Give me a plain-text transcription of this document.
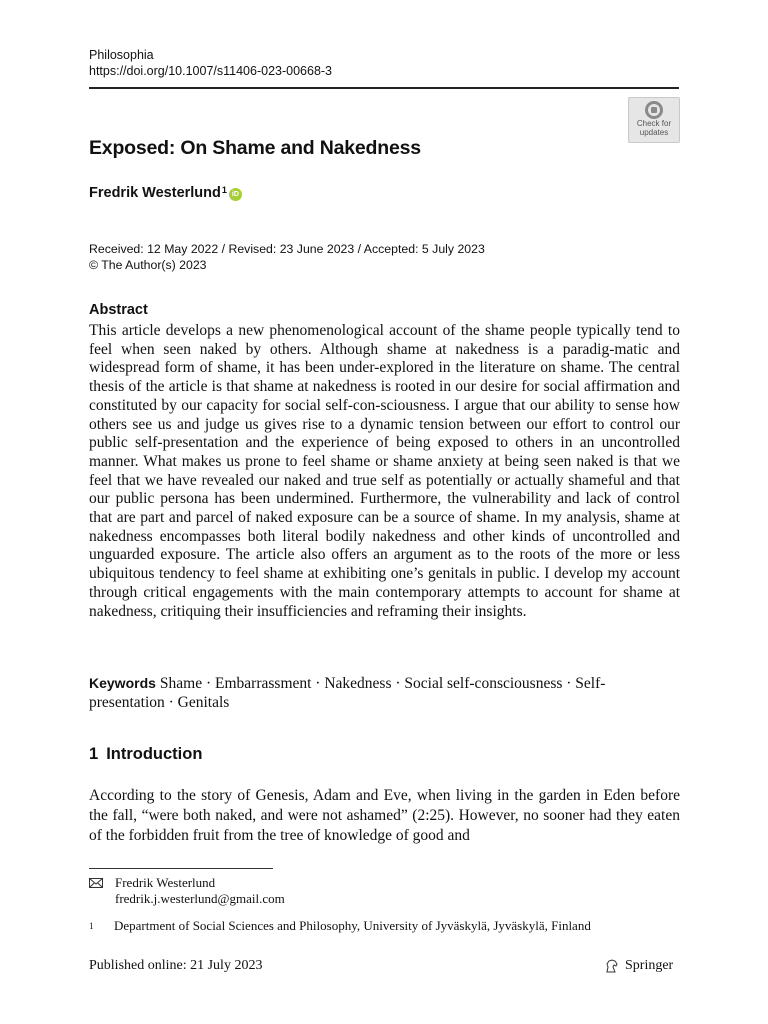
Philosophia
https://doi.org/10.1007/s11406-023-00668-3
Check for
updates
Exposed: On Shame and Nakedness
Fredrik Westerlund$^1$ iD
Received: 12 May 2022 / Revised: 23 June 2023 / Accepted: 5 July 2023
© The Author(s) 2023
Abstract
This article develops a new phenomenological account of the shame people typically tend to feel when seen naked by others. Although shame at nakedness is a paradig-matic and widespread form of shame, it has been under-explored in the literature on shame. The central thesis of the article is that shame at nakedness is rooted in our desire for social affirmation and constituted by our capacity for social self-con-sciousness. I argue that our ability to sense how others see us and judge us gives rise to a dynamic tension between our effort to control our public self-presentation and the experience of being exposed to others in an uncontrolled manner. What makes us prone to feel shame or shame anxiety at being seen naked is that we feel that we have revealed our naked and true self as potentially or actually shameful and that our public persona has been undermined. Furthermore, the vulnerability and lack of control that are part and parcel of naked exposure can be a source of shame. In my analysis, shame at nakedness encompasses both literal bodily nakedness and other kinds of uncontrolled and unguarded exposure. The article also offers an argument as to the roots of the more or less ubiquitous tendency to feel shame at exhibiting one’s genitals in public. I develop my account through critical engagements with the main contemporary attempts to account for shame at nakedness, critiquing their insufficiencies and reframing their insights.
Keywords Shame · Embarrassment · Nakedness · Social self-consciousness · Self-presentation · Genitals
1 Introduction
According to the story of Genesis, Adam and Eve, when living in the garden in Eden before the fall, “were both naked, and were not ashamed” (2:25). However, no sooner had they eaten of the forbidden fruit from the tree of knowledge of good and
Fredrik Westerlund
fredrik.j.westerlund@gmail.com
1	Department of Social Sciences and Philosophy, University of Jyväskylä, Jyväskylä, Finland
Published online: 21 July 2023	Springer
